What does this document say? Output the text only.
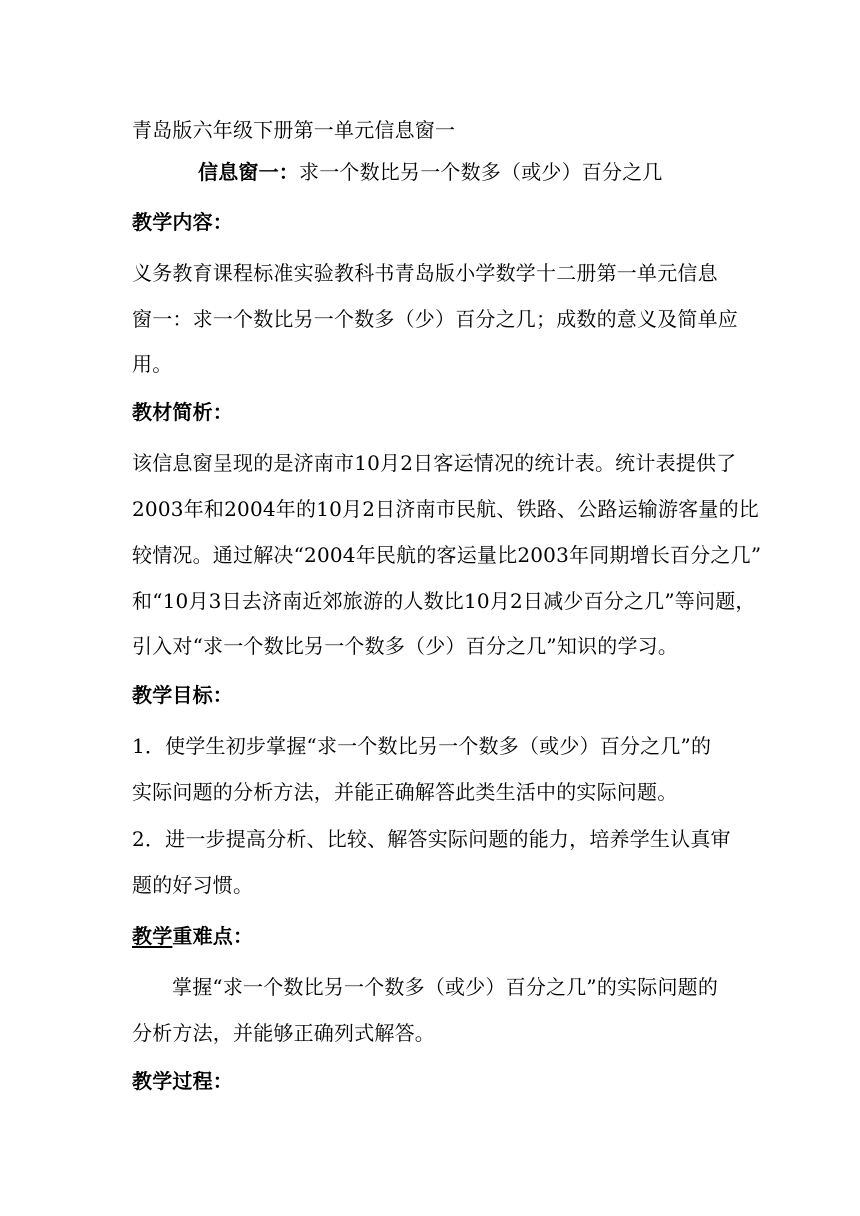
青岛版六年级下册第一单元信息窗一
信息窗一：求一个数比另一个数多（或少）百分之几
教学内容：
义务教育课程标准实验教科书青岛版小学数学十二册第一单元信息
窗一：求一个数比另一个数多（少）百分之几；成数的意义及简单应
用。
教材简析：
该信息窗呈现的是济南市10月2日客运情况的统计表。统计表提供了
2003年和2004年的10月2日济南市民航、铁路、公路运输游客量的比
较情况。通过解决“2004年民航的客运量比2003年同期增长百分之几”
和“10月3日去济南近郊旅游的人数比10月2日减少百分之几”等问题，
引入对“求一个数比另一个数多（少）百分之几”知识的学习。
教学目标：
1．使学生初步掌握“求一个数比另一个数多（或少）百分之几”的
实际问题的分析方法，并能正确解答此类生活中的实际问题。
2．进一步提高分析、比较、解答实际问题的能力，培养学生认真审
题的好习惯。
教学重难点：
掌握“求一个数比另一个数多（或少）百分之几”的实际问题的
分析方法，并能够正确列式解答。
教学过程：
